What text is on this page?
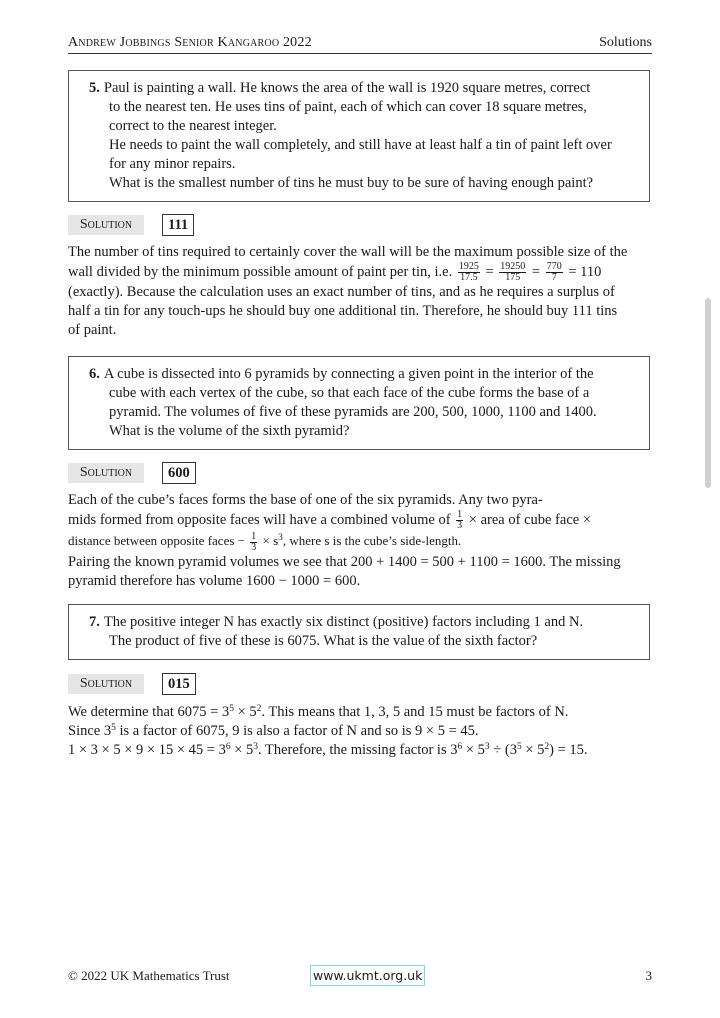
Andrew Jobbings Senior Kangaroo 2022	Solutions

5. Paul is painting a wall. He knows the area of the wall is 1920 square metres, correct
to the nearest ten. He uses tins of paint, each of which can cover 18 square metres,
correct to the nearest integer.
He needs to paint the wall completely, and still have at least half a tin of paint left over
for any minor repairs.
What is the smallest number of tins he must buy to be sure of having enough paint?

Solution	111
The number of tins required to certainly cover the wall will be the maximum possible size of the
wall divided by the minimum possible amount of paint per tin, i.e. $\frac{1925}{17.5} = \frac{19250}{175} = \frac{770}{7} = 110$
(exactly). Because the calculation uses an exact number of tins, and as he requires a surplus of
half a tin for any touch-ups he should buy one additional tin. Therefore, he should buy 111 tins
of paint.

6. A cube is dissected into 6 pyramids by connecting a given point in the interior of the
cube with each vertex of the cube, so that each face of the cube forms the base of a
pyramid. The volumes of five of these pyramids are 200, 500, 1000, 1100 and 1400.
What is the volume of the sixth pyramid?

Solution	600
Each of the cube’s faces forms the base of one of the six pyramids. Any two pyra-
mids formed from opposite faces will have a combined volume of $\frac{1}{3}$ × area of cube face ×
distance between opposite faces − $\frac{1}{3} \times s^3$, where s is the cube’s side-length.
Pairing the known pyramid volumes we see that 200 + 1400 = 500 + 1100 = 1600. The missing
pyramid therefore has volume 1600 − 1000 = 600.

7. The positive integer N has exactly six distinct (positive) factors including 1 and N.
The product of five of these is 6075. What is the value of the sixth factor?

Solution	015
We determine that $6075 = 3^5 \times 5^2$. This means that 1, 3, 5 and 15 must be factors of N.
Since $3^5$ is a factor of 6075, 9 is also a factor of N and so is 9 × 5 = 45.
$1 \times 3 \times 5 \times 9 \times 15 \times 45 = 3^6 \times 5^3$. Therefore, the missing factor is $3^6 \times 5^3 \div (3^5 \times 5^2) = 15$.
© 2022 UK Mathematics Trust	www.ukmt.org.uk	3
